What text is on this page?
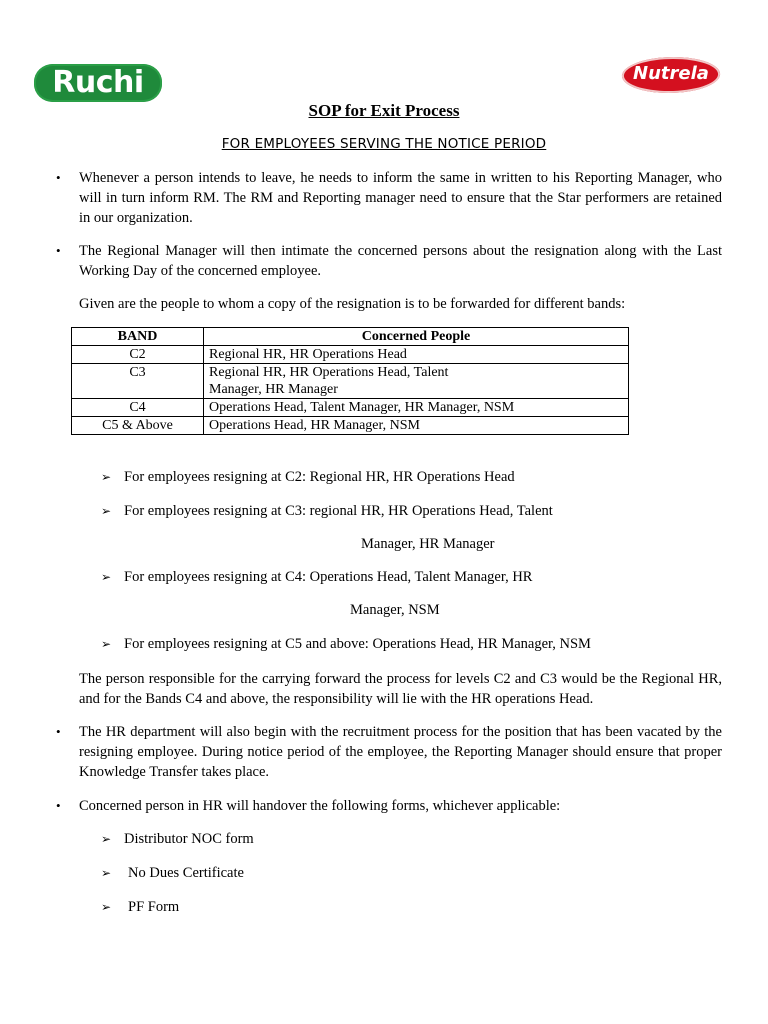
Ruchi	Nutrela
SOP for Exit Process
FOR EMPLOYEES SERVING THE NOTICE PERIOD
• Whenever a person intends to leave, he needs to inform the same in written to his Reporting Manager, who will in turn inform RM. The RM and Reporting manager need to ensure that the Star performers are retained in our organization.
• The Regional Manager will then intimate the concerned persons about the resignation along with the Last Working Day of the concerned employee.
Given are the people to whom a copy of the resignation is to be forwarded for different bands:
BAND	Concerned People
C2	Regional HR, HR Operations Head
C3	Regional HR, HR Operations Head, Talent
Manager, HR Manager
C4	Operations Head, Talent Manager, HR Manager, NSM
C5 & Above	Operations Head, HR Manager, NSM
➢ For employees resigning at C2: Regional HR, HR Operations Head
➢ For employees resigning at C3: regional HR, HR Operations Head, Talent
Manager, HR Manager
➢ For employees resigning at C4: Operations Head, Talent Manager, HR
Manager, NSM
➢ For employees resigning at C5 and above: Operations Head, HR Manager, NSM
The person responsible for the carrying forward the process for levels C2 and C3 would be the Regional HR, and for the Bands C4 and above, the responsibility will lie with the HR operations Head.
• The HR department will also begin with the recruitment process for the position that has been vacated by the resigning employee. During notice period of the employee, the Reporting Manager should ensure that proper Knowledge Transfer takes place.
• Concerned person in HR will handover the following forms, whichever applicable:
➢ Distributor NOC form
➢ No Dues Certificate
➢ PF Form
